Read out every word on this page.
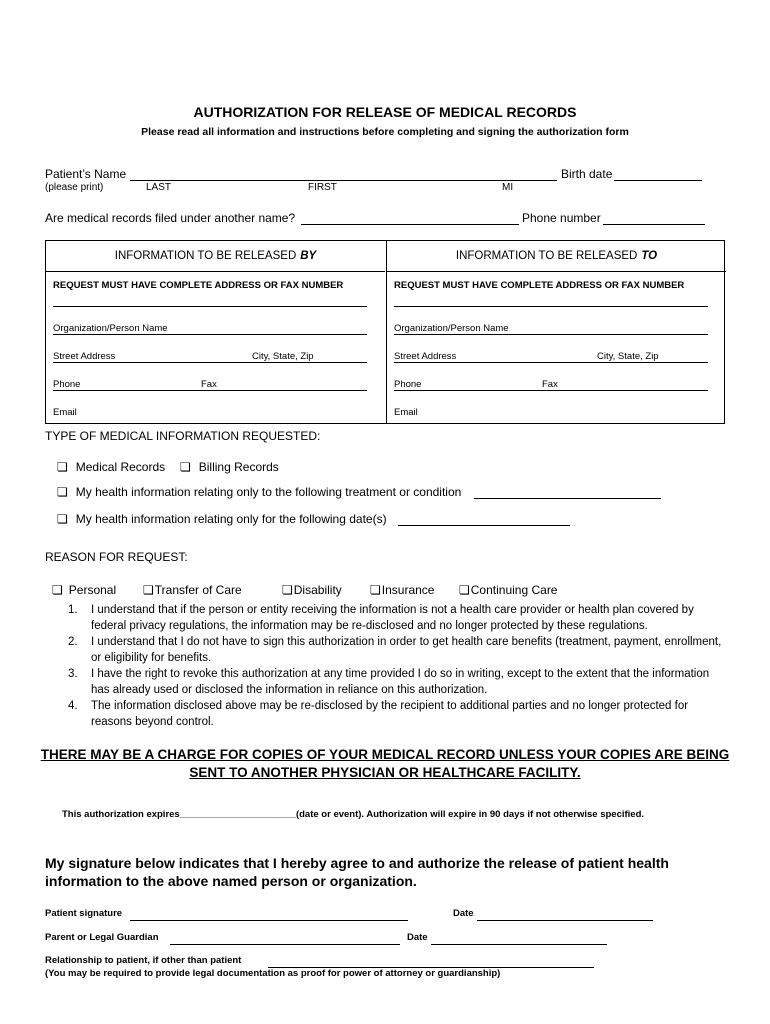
AUTHORIZATION FOR RELEASE OF MEDICAL RECORDS
Please read all information and instructions before completing and signing the authorization form
Patient’s Name	Birth date
(please print)	LAST	FIRST	MI
Are medical records filed under another name?	Phone number
INFORMATION TO BE RELEASED BY
REQUEST MUST HAVE COMPLETE ADDRESS OR FAX NUMBER
Organization/Person Name
Street Address	City, State, Zip
Phone	Fax
Email
INFORMATION TO BE RELEASED TO
REQUEST MUST HAVE COMPLETE ADDRESS OR FAX NUMBER
Organization/Person Name
Street Address	City, State, Zip
Phone	Fax
Email
TYPE OF MEDICAL INFORMATION REQUESTED:
❏ Medical Records ❏ Billing Records
❏ My health information relating only to the following treatment or condition
❏ My health information relating only for the following date(s)
REASON FOR REQUEST:
❏ Personal ❏Transfer of Care	❏Disability ❏Insurance ❏Continuing Care
1. I understand that if the person or entity receiving the information is not a health care provider or health plan covered by federal privacy regulations, the information may be re-disclosed and no longer protected by these regulations.
2. I understand that I do not have to sign this authorization in order to get health care benefits (treatment, payment, enrollment, or eligibility for benefits.
3. I have the right to revoke this authorization at any time provided I do so in writing, except to the extent that the information has already used or disclosed the information in reliance on this authorization.
4. The information disclosed above may be re-disclosed by the recipient to additional parties and no longer protected for reasons beyond control.
THERE MAY BE A CHARGE FOR COPIES OF YOUR MEDICAL RECORD UNLESS YOUR COPIES ARE BEING SENT TO ANOTHER PHYSICIAN OR HEALTHCARE FACILITY.
This authorization expires______________________(date or event). Authorization will expire in 90 days if not otherwise specified.
My signature below indicates that I hereby agree to and authorize the release of patient health information to the above named person or organization.
Patient signature	Date
Parent or Legal Guardian	Date
Relationship to patient, if other than patient
(You may be required to provide legal documentation as proof for power of attorney or guardianship)
